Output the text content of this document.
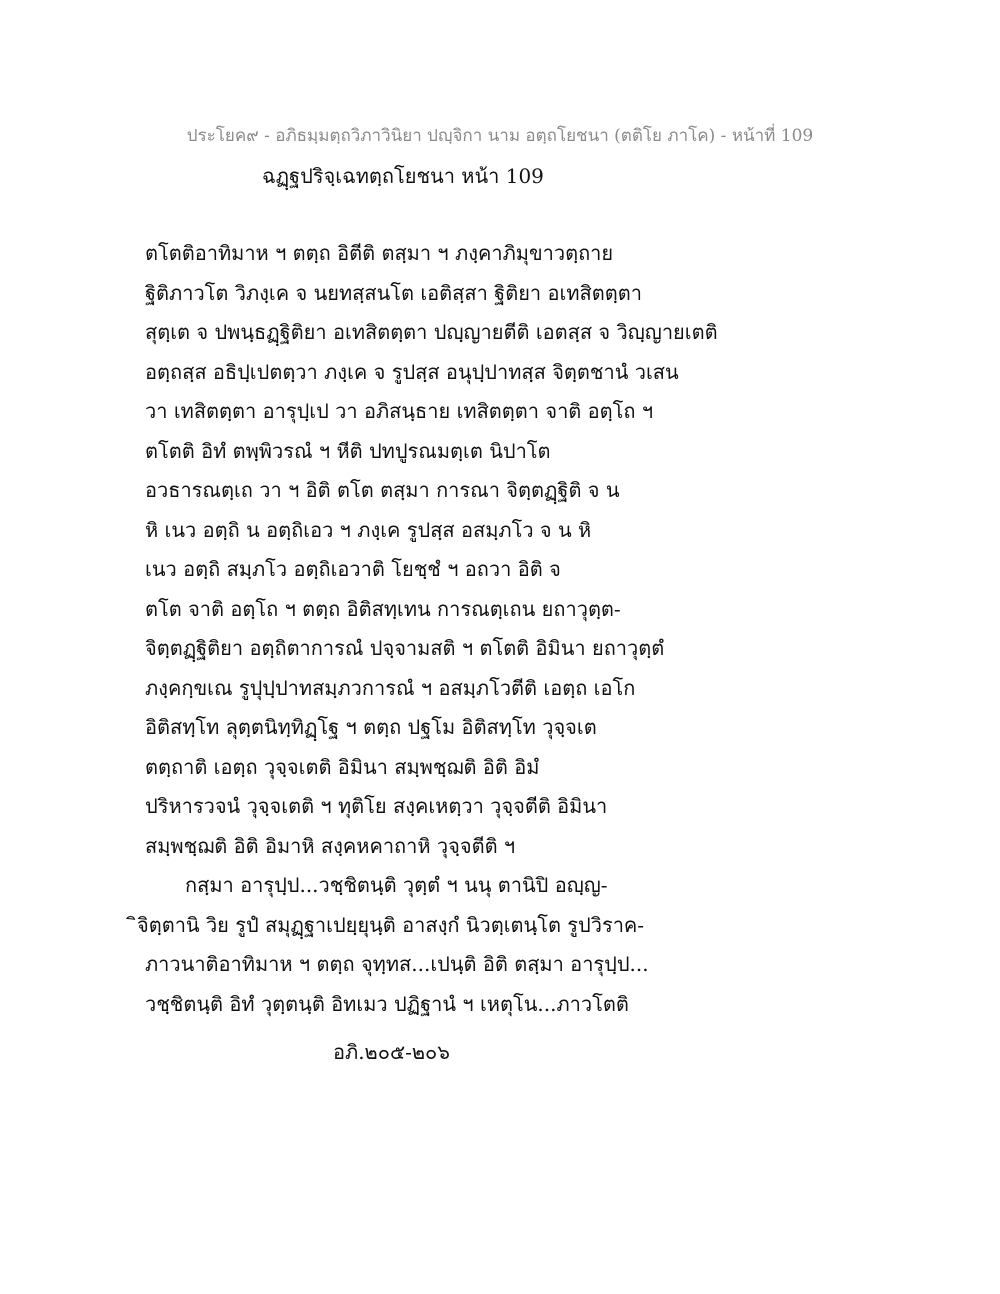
ประโยค๙ - อภิธมฺมตฺถวิภาวินิยา ปญฺจิกา นาม อตฺถโยชนา (ตติโย ภาโค) - หน้าที่ 109
ฉฏฺฐปริจฺเฉทตฺถโยชนา หน้า 109
ตโตติอาทิมาห ฯ ตตฺถ อิตีติ ตสฺมา ฯ ภงฺคาภิมุขาวตฺถาย
ฐิติภาวโต วิภงฺเค จ นยทสฺสนโต เอติสฺสา ฐิติยา อเทสิตตฺตา
สุตฺเต จ ปพนฺธฏฺฐิติยา อเทสิตตฺตา ปญฺญายตีติ เอตสฺส จ วิญฺญายเตติ
อตฺถสฺส อธิปฺเปตตฺวา ภงฺเค จ รูปสฺส อนุปฺปาทสฺส จิตฺตชานํ วเสน
วา เทสิตตฺตา อารุปฺเป วา อภิสนฺธาย เทสิตตฺตา จาติ อตฺโถ ฯ
ตโตติ อิทํ ตพฺพิวรณํ ฯ หีติ ปทปูรณมตฺเต นิปาโต
อวธารณตฺเถ วา ฯ อิติ ตโต ตสฺมา การณา จิตฺตฏฺฐิติ จ น
หิ เนว อตฺถิ น อตฺถิเอว ฯ ภงฺเค รูปสฺส อสมฺภโว จ น หิ
เนว อตฺถิ สมฺภโว อตฺถิเอวาติ โยชฺชํ ฯ อถวา อิติ จ
ตโต จาติ อตฺโถ ฯ ตตฺถ อิติสทฺเทน การณตฺเถน ยถาวุตฺต-
จิตฺตฏฺฐิติยา อตฺถิตาการณํ ปจฺจามสติ ฯ ตโตติ อิมินา ยถาวุตฺตํ
ภงฺคกฺขเณ รูปุปฺปาทสมฺภวการณํ ฯ อสมฺภโวตีติ เอตฺถ เอโก
อิติสทฺโท ลุตฺตนิทฺทิฏฺโฐ ฯ ตตฺถ ปฐโม อิติสทฺโท วุจฺจเต
ตตฺถาติ เอตฺถ วุจฺจเตติ อิมินา สมฺพชฺฌติ อิติ อิมํ
ปริหารวจนํ วุจฺจเตติ ฯ ทุติโย สงฺคเหตฺวา วุจฺจตีติ อิมินา
สมฺพชฺฌติ อิติ อิมาหิ สงฺคหคาถาหิ วุจฺจตีติ ฯ
กสฺมา อารุปฺป...วชฺชิตนฺติ วุตฺตํ ฯ นนุ ตานิปิ อญฺญ-
ิจิตฺตานิ วิย รูปํ สมุฏฺฐาเปยฺยุนฺติ อาสงฺกํ นิวตฺเตนฺโต รูปวิราค-
ภาวนาติอาทิมาห ฯ ตตฺถ จุทฺทส...เปนฺติ อิติ ตสฺมา อารุปฺป...
วชฺชิตนฺติ อิทํ วุตฺตนฺติ อิทเมว ปฏิฐานํ ฯ เหตุโน...ภาวโตติ
อภิ.๒๐๕-๒๐๖
